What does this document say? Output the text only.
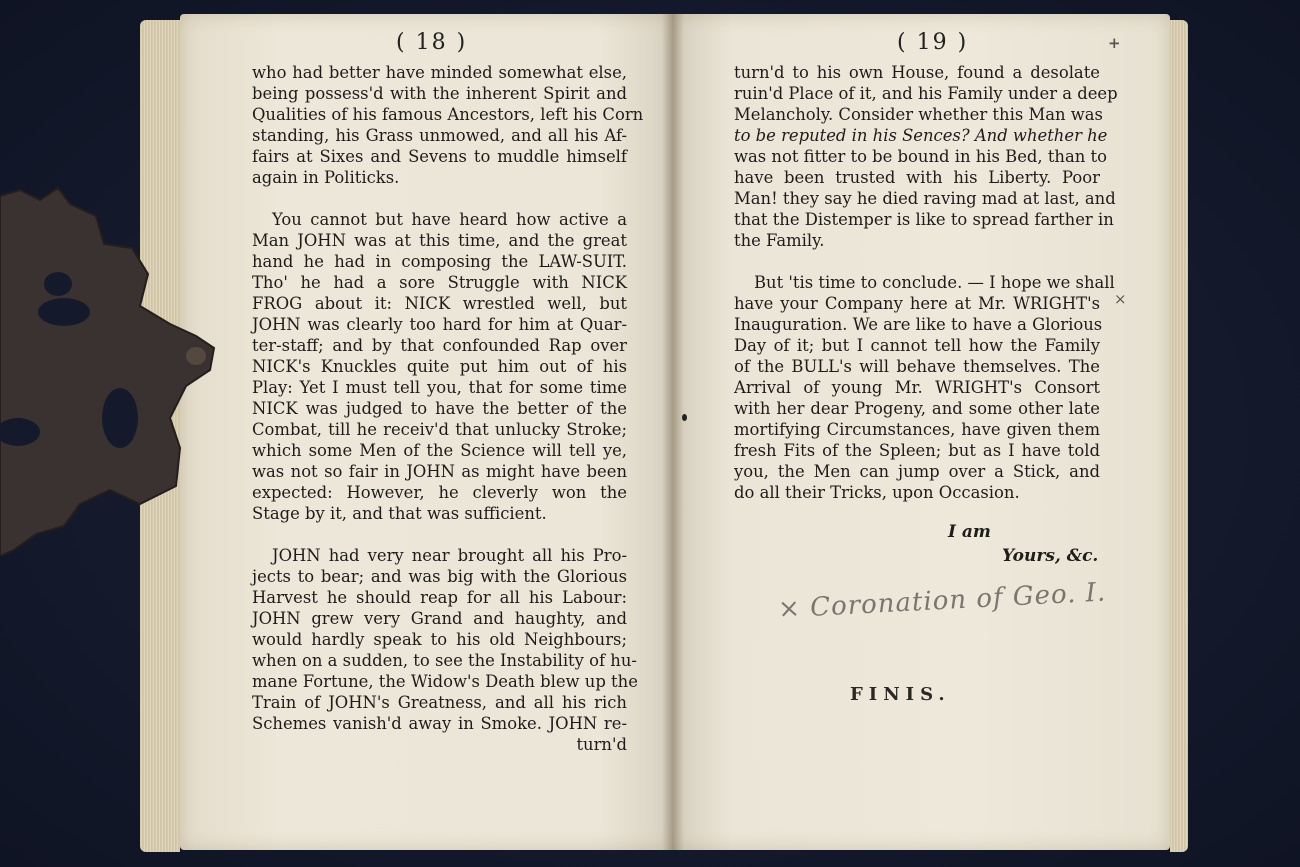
( 18 )

who had better have minded somewhat else,
being possess'd with the inherent Spirit and
Qualities of his famous Ancestors, left his Corn
standing, his Grass unmowed, and all his Af-
fairs at Sixes and Sevens to muddle himself
again in Politicks.

You cannot but have heard how active a
Man JOHN was at this time, and the great
hand he had in composing the LAW-SUIT.
Tho' he had a sore Struggle with NICK
FROG about it: NICK wrestled well, but
JOHN was clearly too hard for him at Quar-
ter-staff; and by that confounded Rap over
NICK's Knuckles quite put him out of his
Play: Yet I must tell you, that for some time
NICK was judged to have the better of the
Combat, till he receiv'd that unlucky Stroke;
which some Men of the Science will tell ye,
was not so fair in JOHN as might have been
expected: However, he cleverly won the
Stage by it, and that was sufficient.

JOHN had very near brought all his Pro-
jects to bear; and was big with the Glorious
Harvest he should reap for all his Labour:
JOHN grew very Grand and haughty, and
would hardly speak to his old Neighbours;
when on a sudden, to see the Instability of hu-
mane Fortune, the Widow's Death blew up the
Train of JOHN's Greatness, and all his rich
Schemes vanish'd away in Smoke. JOHN re-

turn'd
( 19 )	+

turn'd to his own House, found a desolate
ruin'd Place of it, and his Family under a deep
Melancholy. Consider whether this Man was
to be reputed in his Sences? And whether he
was not fitter to be bound in his Bed, than to
have been trusted with his Liberty. Poor
Man! they say he died raving mad at last, and
that the Distemper is like to spread farther in
the Family.

But 'tis time to conclude. — I hope we shall
have your Company here at Mr. WRIGHT's
Inauguration. We are like to have a Glorious
Day of it; but I cannot tell how the Family
of the BULL's will behave themselves. The
Arrival of young Mr. WRIGHT's Consort
with her dear Progeny, and some other late
mortifying Circumstances, have given them
fresh Fits of the Spleen; but as I have told
you, the Men can jump over a Stick, and
do all their Tricks, upon Occasion.

×
I am
Yours, &c.
× Coronation of Geo. I.
FINIS.
